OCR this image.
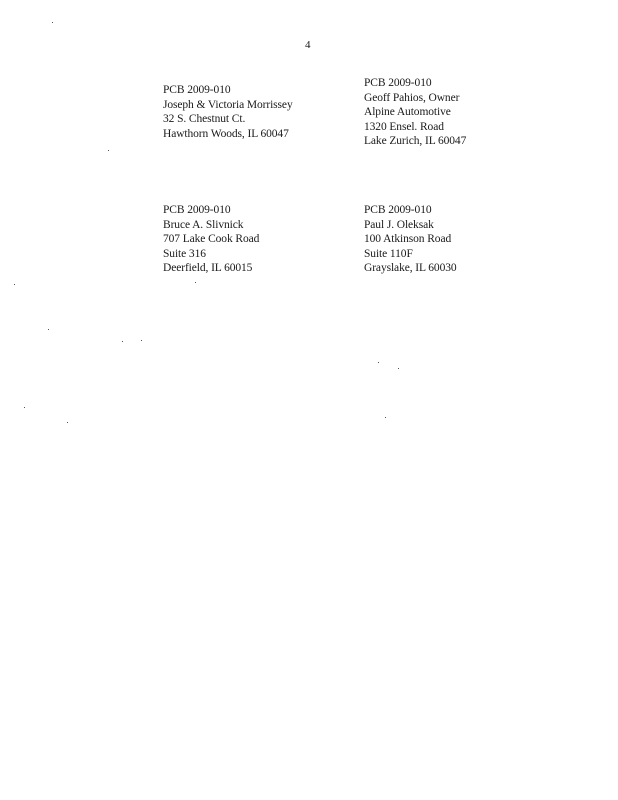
4
PCB 2009-010
Joseph & Victoria Morrissey
32 S. Chestnut Ct.
Hawthorn Woods, IL 60047
PCB 2009-010
Geoff Pahios, Owner
Alpine Automotive
1320 Ensel. Road
Lake Zurich, IL 60047
PCB 2009-010
Bruce A. Slivnick
707 Lake Cook Road
Suite 316
Deerfield, IL 60015
PCB 2009-010
Paul J. Oleksak
100 Atkinson Road
Suite 110F
Grayslake, IL 60030
